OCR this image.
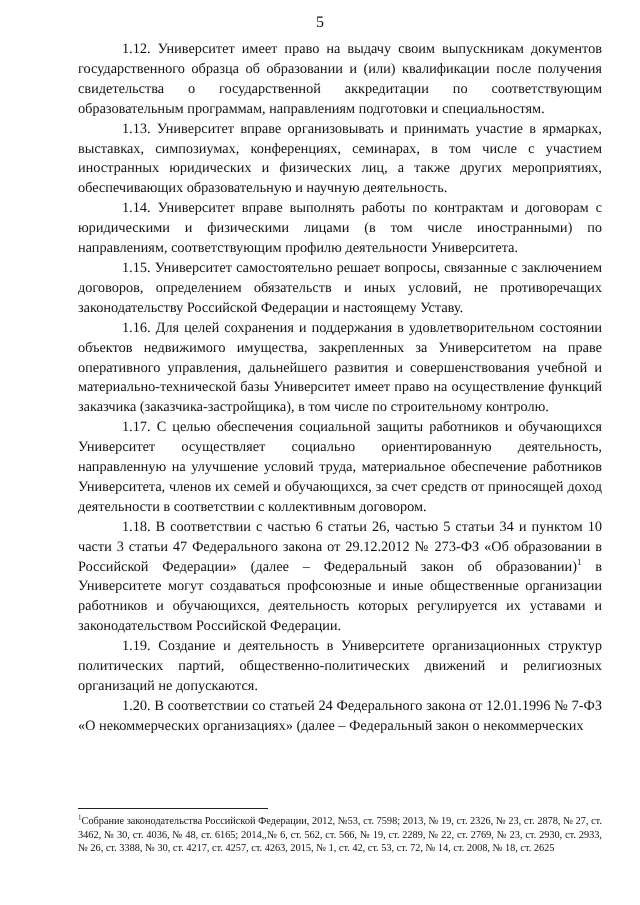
5

1.12. Университет имеет право на выдачу своим выпускникам документов государственного образца об образовании и (или) квалификации после получения свидетельства о государственной аккредитации по соответствующим образовательным программам, направлениям подготовки и специальностям.

1.13. Университет вправе организовывать и принимать участие в ярмарках, выставках, симпозиумах, конференциях, семинарах, в том числе с участием иностранных юридических и физических лиц, а также других мероприятиях, обеспечивающих образовательную и научную деятельность.

1.14. Университет вправе выполнять работы по контрактам и договорам с юридическими и физическими лицами (в том числе иностранными) по направлениям, соответствующим профилю деятельности Университета.

1.15. Университет самостоятельно решает вопросы, связанные с заключением договоров, определением обязательств и иных условий, не противоречащих законодательству Российской Федерации и настоящему Уставу.

1.16. Для целей сохранения и поддержания в удовлетворительном состоянии объектов недвижимого имущества, закрепленных за Университетом на праве оперативного управления, дальнейшего развития и совершенствования учебной и материально-технической базы Университет имеет право на осуществление функций заказчика (заказчика-застройщика), в том числе по строительному контролю.

1.17. С целью обеспечения социальной защиты работников и обучающихся Университет осуществляет социально ориентированную деятельность, направленную на улучшение условий труда, материальное обеспечение работников Университета, членов их семей и обучающихся, за счет средств от приносящей доход деятельности в соответствии с коллективным договором.

1.18. В соответствии с частью 6 статьи 26, частью 5 статьи 34 и пунктом 10 части 3 статьи 47 Федерального закона от 29.12.2012 № 273-ФЗ «Об образовании в Российской Федерации» (далее – Федеральный закон об образовании)$^1$ в Университете могут создаваться профсоюзные и иные общественные организации работников и обучающихся, деятельность которых регулируется их уставами и законодательством Российской Федерации.

1.19. Создание и деятельность в Университете организационных структур политических партий, общественно-политических движений и религиозных организаций не допускаются.

1.20. В соответствии со статьей 24 Федерального закона от 12.01.1996 № 7-ФЗ «О некоммерческих организациях» (далее – Федеральный закон о некоммерческих

$^1$Собрание законодательства Российской Федерации, 2012, №53, ст. 7598; 2013, № 19, ст. 2326, № 23, ст. 2878, № 27, ст. 3462, № 30, ст. 4036, № 48, ст. 6165; 2014,,№ 6, ст. 562, ст. 566, № 19, ст. 2289, № 22, ст. 2769, № 23, ст. 2930, ст. 2933, № 26, ст. 3388, № 30, ст. 4217, ст. 4257, ст. 4263, 2015, № 1, ст. 42, ст. 53, ст. 72, № 14, ст. 2008, № 18, ст. 2625
